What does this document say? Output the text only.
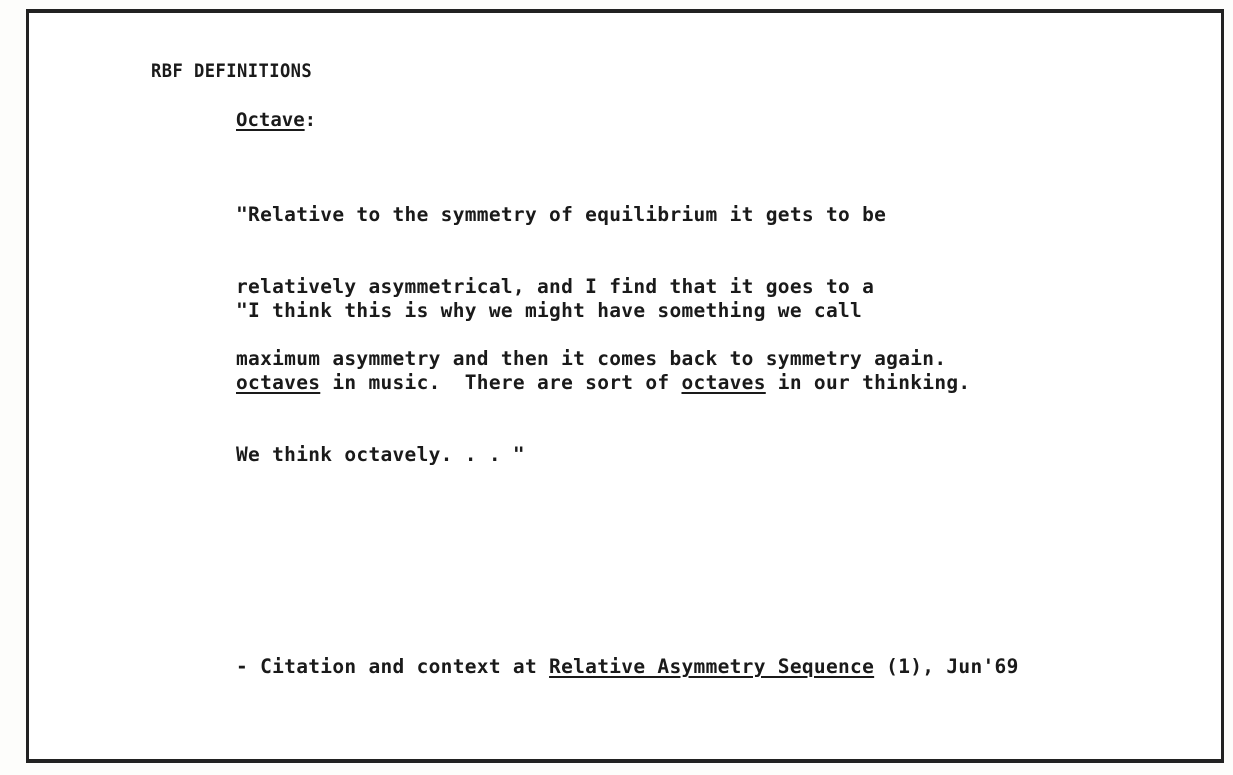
RBF DEFINITIONS
Octave:

"Relative to the symmetry of equilibrium it gets to be

relatively asymmetrical, and I find that it goes to a

maximum asymmetry and then it comes back to symmetry again.

"I think this is why we might have something we call

octaves in music.  There are sort of octaves in our thinking.

We think octavely. . . "

- Citation and context at Relative Asymmetry Sequence (1), Jun'69
